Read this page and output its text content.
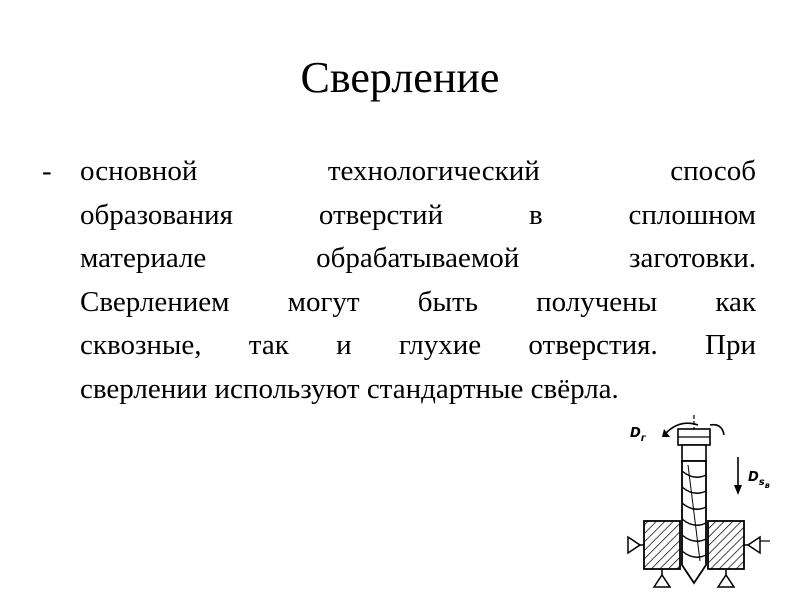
Сверление
- основной технологический способ
образования отверстий в сплошном
материале обрабатываемой заготовки.
Сверлением могут быть получены как
сквозные, так и глухие отверстия. При
сверлении используют стандартные свёрла.
$D_г$
$D_{sв}$
